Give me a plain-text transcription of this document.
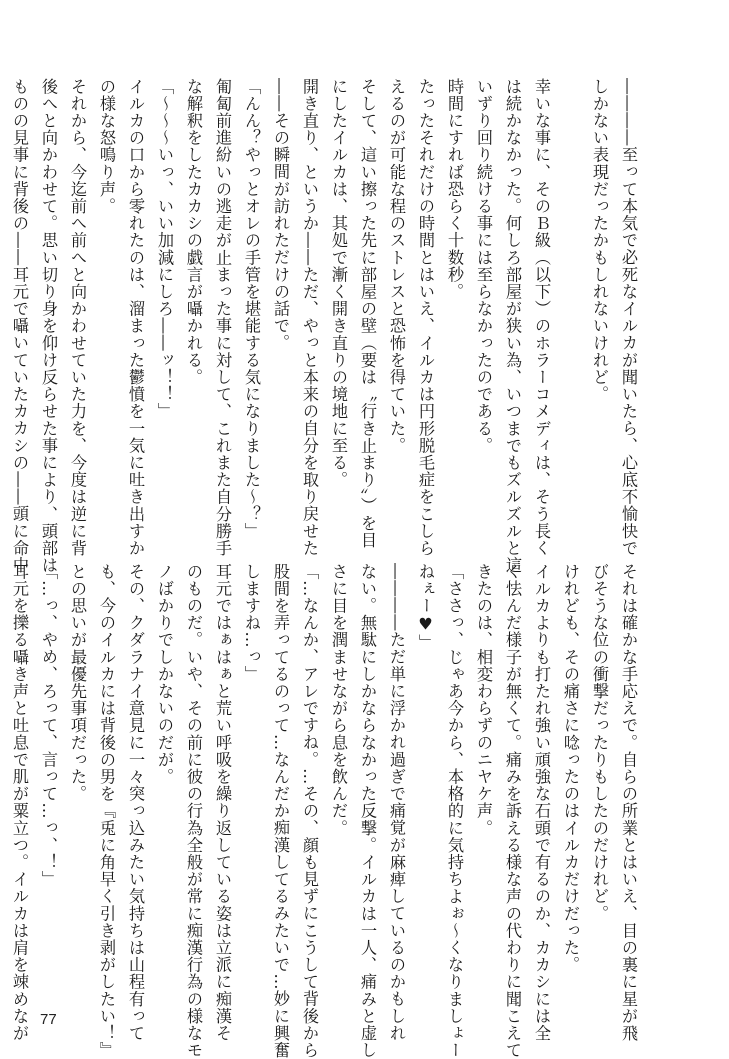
――――至って本気で必死なイルカが聞いたら、心底不愉快で
しかない表現だったかもしれないけれど。

幸いな事に、そのＢ級（以下）のホラーコメディは、そう長く
は続かなかった。何しろ部屋が狭い為、いつまでもズルズルと這
いずり回り続ける事には至らなかったのである。
時間にすれば恐らく十数秒。
たったそれだけの時間とはいえ、イルカは円形脱毛症をこしら
えるのが可能な程のストレスと恐怖を得ていた。
そして、這い擦った先に部屋の壁（要は〝行き止まり〟）を目
にしたイルカは、其処で漸く開き直りの境地に至る。
開き直り、というか――ただ、やっと本来の自分を取り戻せた
――その瞬間が訪れただけの話で。
「んん？やっとオレの手管を堪能する気になりました～？」
匍匐前進紛いの逃走が止まった事に対して、これまた自分勝手
な解釈をしたカカシの戯言が囁かれる。
「～～～いっ、いい加減にしろ――ッ！！」
イルカの口から零れたのは、溜まった鬱憤を一気に吐き出すか
の様な怒鳴り声。
それから、今迄前へ前へと向かわせていた力を、今度は逆に背
後へと向かわせて。思い切り身を仰け反らせた事により、頭部は
ものの見事に背後の――耳元で囁いていたカカシの――頭に命中
それは確かな手応えで。自らの所業とはいえ、目の裏に星が飛
びそうな位の衝撃だったりもしたのだけれど。
けれども、その痛さに唸ったのはイルカだけだった。
イルカよりも打たれ強い頑強な石頭で有るのか、カカシには全
く怯んだ様子が無くて。痛みを訴える様な声の代わりに聞こえて
きたのは、相変わらずのニヤケ声。
「ささっ、じゃあ今から、本格的に気持ちよぉ～くなりましょー
ねぇー♥」
――――ただ単に浮かれ過ぎで痛覚が麻痺しているのかもしれ
ない。無駄にしかならなかった反撃。イルカは一人、痛みと虚し
さに目を潤ませながら息を飲んだ。
「…なんか、アレですね。…その、顔も見ずにこうして背後から
股間を弄ってるのって…なんだか痴漢してるみたいで…妙に興奮
しますね…っ」
耳元ではぁはぁと荒い呼吸を繰り返している姿は立派に痴漢そ
のものだ。いや、その前に彼の行為全般が常に痴漢行為の様なモ
ノばかりでしかないのだが。
その、クダラナイ意見に一々突っ込みたい気持ちは山程有って
も、今のイルカには背後の男を『兎に角早く引き剥がしたい！』
との思いが最優先事項だった。
「…っ、やめ、ろって、言って…っ、！」
耳元を擽る囁き声と吐息で肌が粟立つ。イルカは肩を竦めなが 77
